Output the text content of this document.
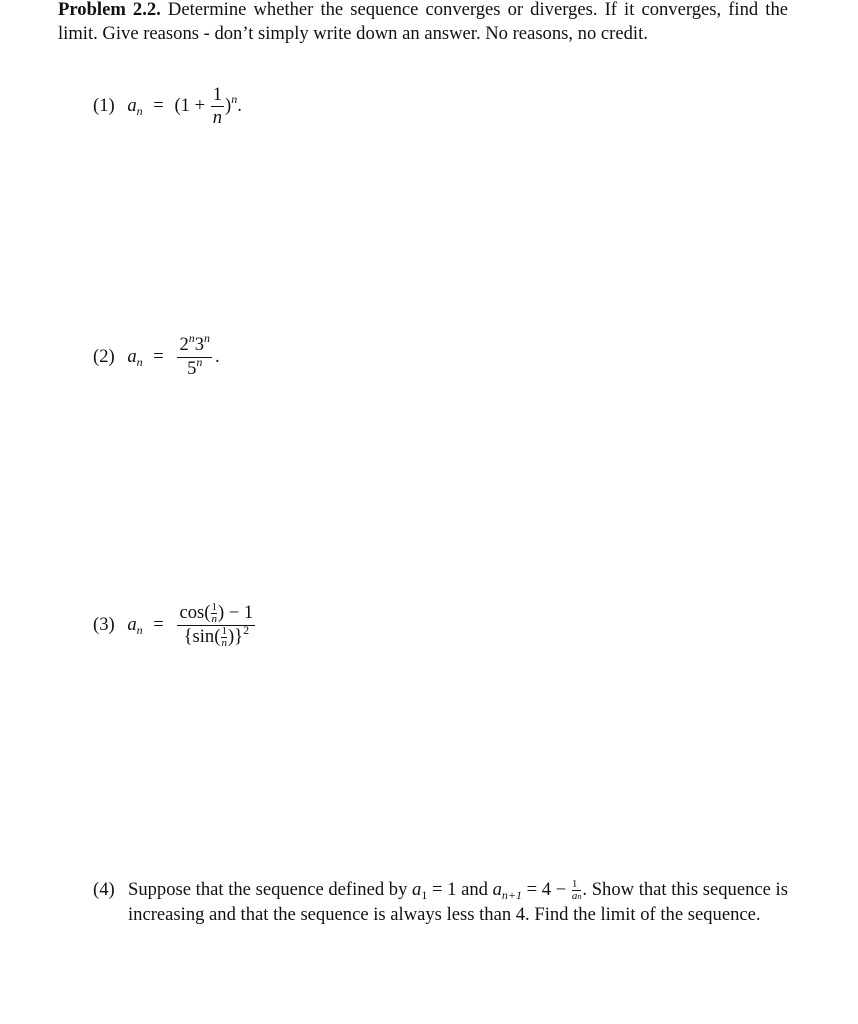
Problem 2.2. Determine whether the sequence converges or diverges. If it converges, find the limit. Give reasons - don’t simply write down an answer. No reasons, no credit.
(1) $a_n = (1 + \frac{1}{n} )^n$.
(2) $a_n = \frac{2^n3^n}{5^n}$ .
(3) $a_n = \frac{\cos( \frac{1}{n} ) - 1}{\{\sin( \frac{1}{n} )\}^2}$
(4) Suppose that the sequence defined by $a_1 = 1$ and $a_{n+1} = 4 - \frac{1}{an}$ . Show that this sequence is increasing and that the sequence is always less than 4. Find the limit of the sequence.
